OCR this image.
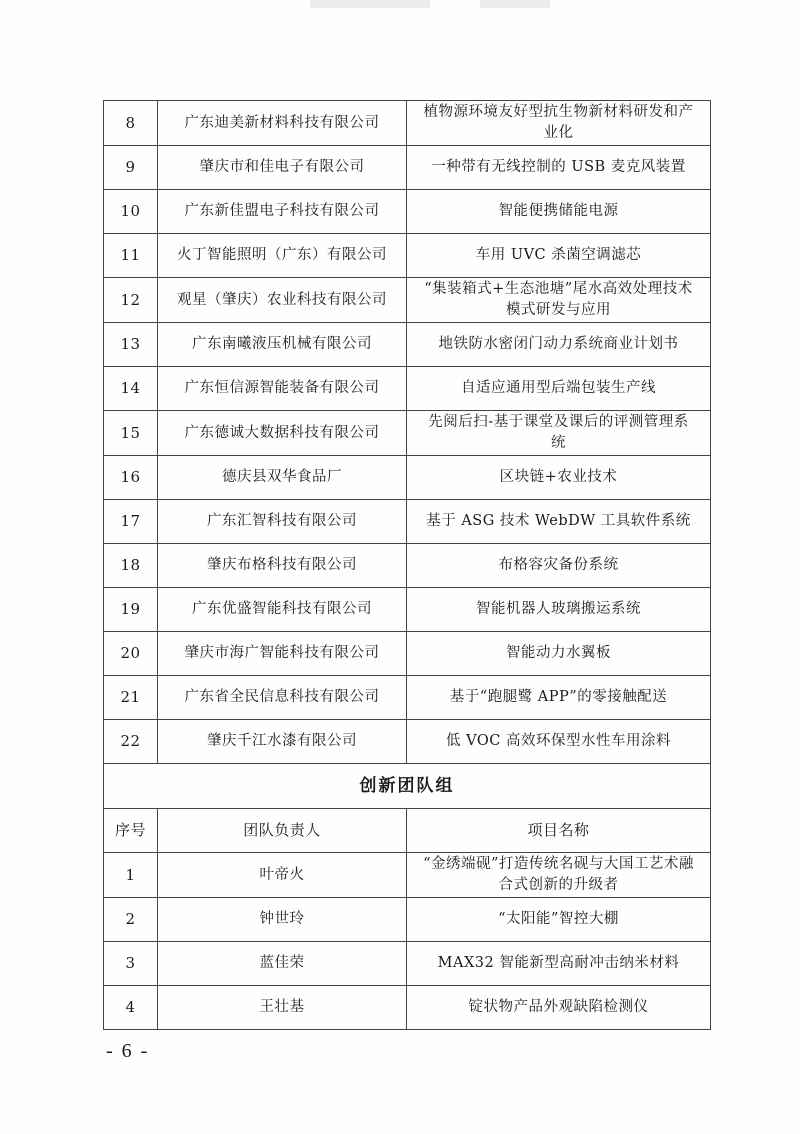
8	广东迪美新材料科技有限公司	植物源环境友好型抗生物新材料研发和产业化
9	肇庆市和佳电子有限公司	一种带有无线控制的 USB 麦克风装置
10	广东新佳盟电子科技有限公司	智能便携储能电源
11	火丁智能照明（广东）有限公司	车用 UVC 杀菌空调滤芯
12	观星（肇庆）农业科技有限公司	“集装箱式+生态池塘”尾水高效处理技术模式研发与应用
13	广东南曦液压机械有限公司	地铁防水密闭门动力系统商业计划书
14	广东恒信源智能装备有限公司	自适应通用型后端包装生产线
15	广东德诚大数据科技有限公司	先阅后扫-基于课堂及课后的评测管理系统
16	德庆县双华食品厂	区块链+农业技术
17	广东汇智科技有限公司	基于 ASG 技术 WebDW 工具软件系统
18	肇庆布格科技有限公司	布格容灾备份系统
19	广东优盛智能科技有限公司	智能机器人玻璃搬运系统
20	肇庆市海广智能科技有限公司	智能动力水翼板
21	广东省全民信息科技有限公司	基于“跑腿鹭 APP”的零接触配送
22	肇庆千江水漆有限公司	低 VOC 高效环保型水性车用涂料
创新团队组		
序号	团队负责人	项目名称
1	叶帝火	“金绣端砚”打造传统名砚与大国工艺术融合式创新的升级者
2	钟世玲	“太阳能”智控大棚
3	蓝佳荣	MAX32 智能新型高耐冲击纳米材料
4	王壮基	锭状物产品外观缺陷检测仪
- 6 -
